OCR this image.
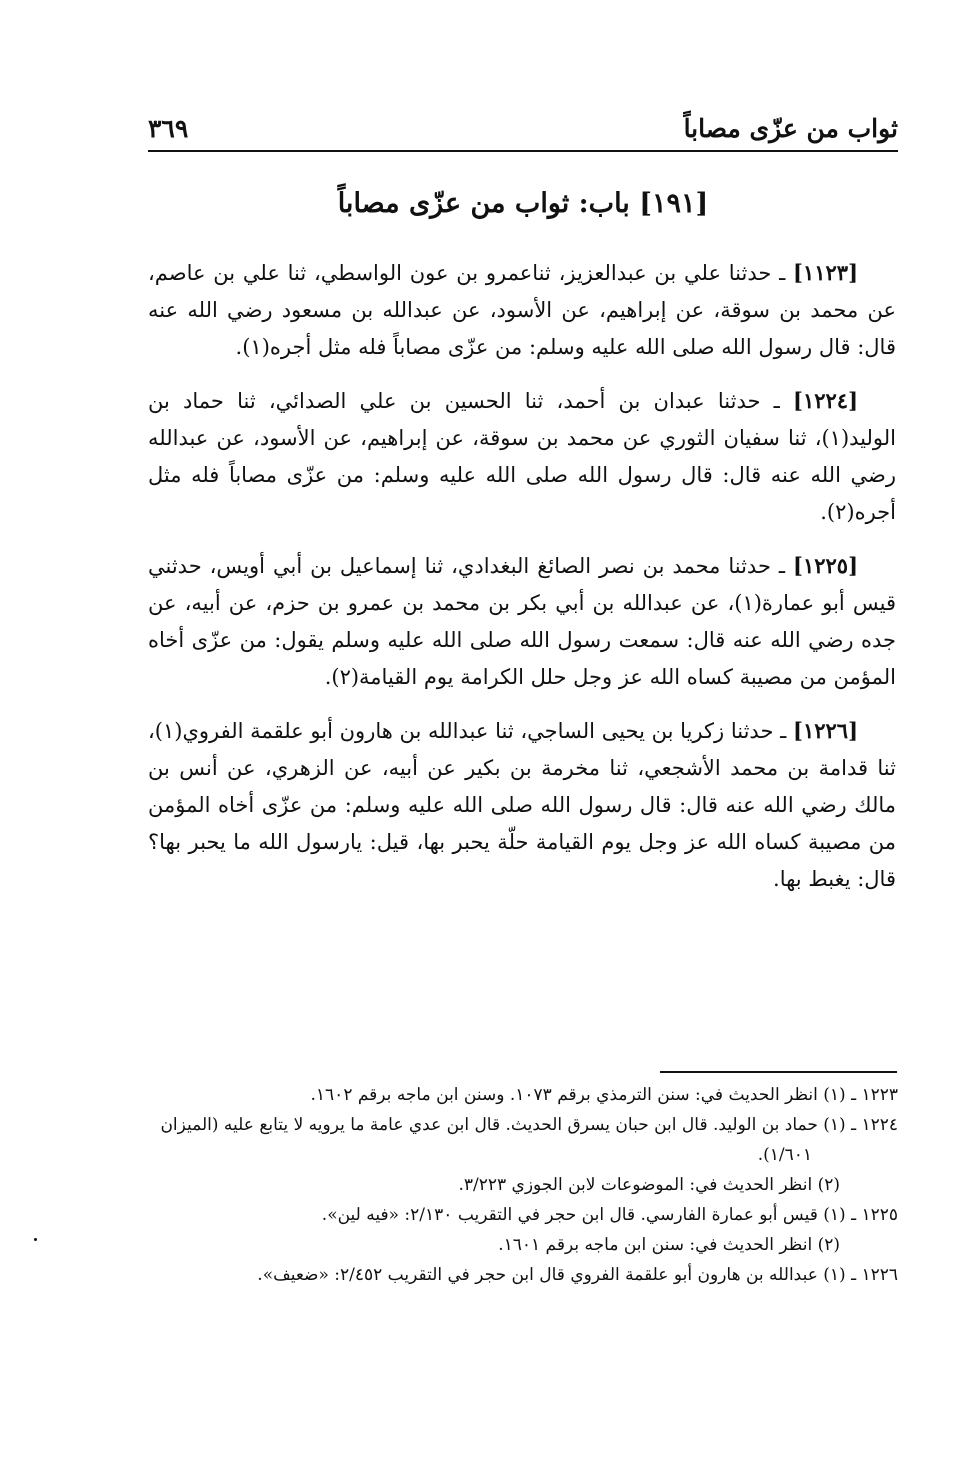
ثواب من عزّى مصاباً
٣٦٩
[١٩١] باب: ثواب من عزّى مصاباً

[١١٢٣] ـ حدثنا علي بن عبدالعزيز، ثناعمرو بن عون الواسطي، ثنا علي بن عاصم، عن محمد بن سوقة، عن إبراهيم، عن الأسود، عن عبدالله بن مسعود رضي الله عنه قال: قال رسول الله صلى الله عليه وسلم: من عزّى مصاباً فله مثل أجره(١).

[١٢٢٤] ـ حدثنا عبدان بن أحمد، ثنا الحسين بن علي الصدائي، ثنا حماد بن الوليد(١)، ثنا سفيان الثوري عن محمد بن سوقة، عن إبراهيم، عن الأسود، عن عبدالله رضي الله عنه قال: قال رسول الله صلى الله عليه وسلم: من عزّى مصاباً فله مثل أجره(٢).

[١٢٢٥] ـ حدثنا محمد بن نصر الصائغ البغدادي، ثنا إسماعيل بن أبي أويس، حدثني قيس أبو عمارة(١)، عن عبدالله بن أبي بكر بن محمد بن عمرو بن حزم، عن أبيه، عن جده رضي الله عنه قال: سمعت رسول الله صلى الله عليه وسلم يقول: من عزّى أخاه المؤمن من مصيبة كساه الله عز وجل حلل الكرامة يوم القيامة(٢).

[١٢٢٦] ـ حدثنا زكريا بن يحيى الساجي، ثنا عبدالله بن هارون أبو علقمة الفروي(١)، ثنا قدامة بن محمد الأشجعي، ثنا مخرمة بن بكير عن أبيه، عن الزهري، عن أنس بن مالك رضي الله عنه قال: قال رسول الله صلى الله عليه وسلم: من عزّى أخاه المؤمن من مصيبة كساه الله عز وجل يوم القيامة حلّة يحبر بها، قيل: يارسول الله ما يحبر بها؟ قال: يغبط بها.

١٢٢٣ ـ (١) انظر الحديث في: سنن الترمذي برقم ١٠٧٣. وسنن ابن ماجه برقم ١٦٠٢.
١٢٢٤ ـ (١) حماد بن الوليد. قال ابن حبان يسرق الحديث. قال ابن عدي عامة ما يرويه لا يتابع عليه (الميزان
١/٦٠١).
(٢) انظر الحديث في: الموضوعات لابن الجوزي ٣/٢٢٣.
١٢٢٥ ـ (١) قيس أبو عمارة الفارسي. قال ابن حجر في التقريب ٢/١٣٠: «فيه لين».
(٢) انظر الحديث في: سنن ابن ماجه برقم ١٦٠١.
١٢٢٦ ـ (١) عبدالله بن هارون أبو علقمة الفروي قال ابن حجر في التقريب ٢/٤٥٢: «ضعيف».
